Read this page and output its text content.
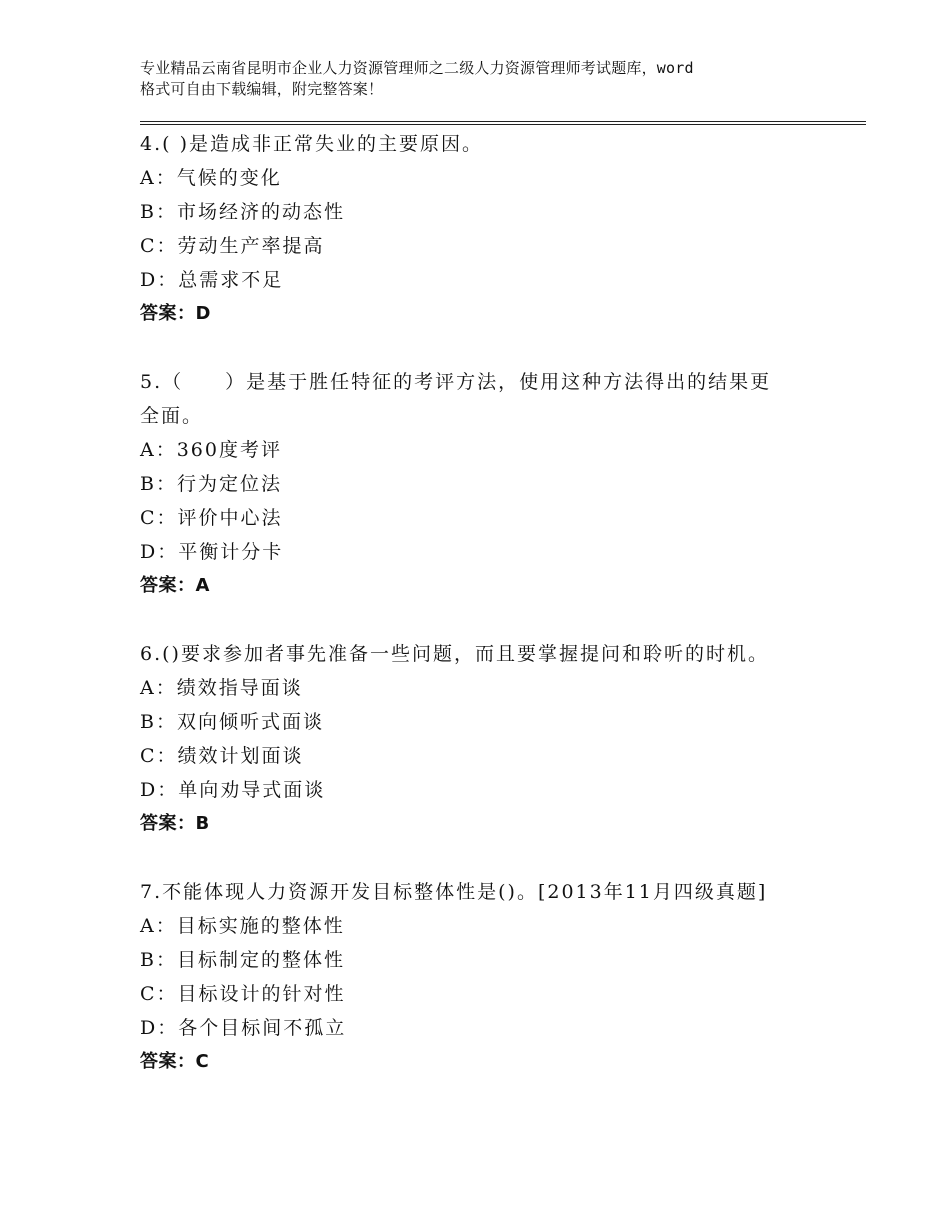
专业精品云南省昆明市企业人力资源管理师之二级人力资源管理师考试题库，word
格式可自由下载编辑，附完整答案！
4.( )是造成非正常失业的主要原因。
A：气候的变化
B：市场经济的动态性
C：劳动生产率提高
D：总需求不足
答案：D
5.（　　）是基于胜任特征的考评方法，使用这种方法得出的结果更
全面。
A：360度考评
B：行为定位法
C：评价中心法
D：平衡计分卡
答案：A
6.()要求参加者事先准备一些问题，而且要掌握提问和聆听的时机。
A：绩效指导面谈
B：双向倾听式面谈
C：绩效计划面谈
D：单向劝导式面谈
答案：B
7.不能体现人力资源开发目标整体性是()。[2013年11月四级真题]
A：目标实施的整体性
B：目标制定的整体性
C：目标设计的针对性
D：各个目标间不孤立
答案：C
